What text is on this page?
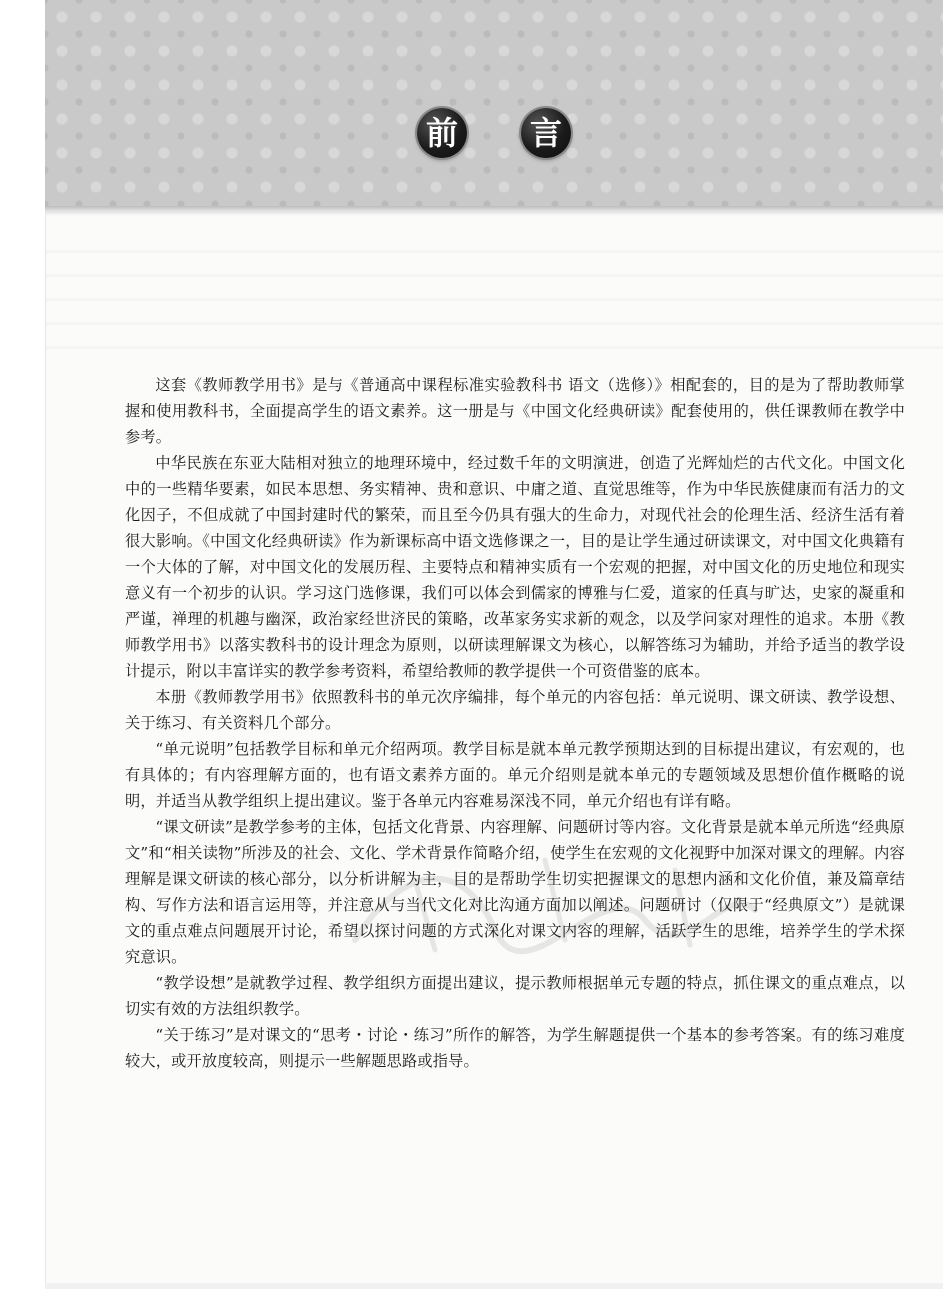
前 言

这套《教师教学用书》是与《普通高中课程标准实验教科书 语文（选修）》相配套的，目的是为了帮助教师掌握和使用教科书，全面提高学生的语文素养。这一册是与《中国文化经典研读》配套使用的，供任课教师在教学中参考。

中华民族在东亚大陆相对独立的地理环境中，经过数千年的文明演进，创造了光辉灿烂的古代文化。中国文化中的一些精华要素，如民本思想、务实精神、贵和意识、中庸之道、直觉思维等，作为中华民族健康而有活力的文化因子，不但成就了中国封建时代的繁荣，而且至今仍具有强大的生命力，对现代社会的伦理生活、经济生活有着很大影响。《中国文化经典研读》作为新课标高中语文选修课之一，目的是让学生通过研读课文，对中国文化典籍有一个大体的了解，对中国文化的发展历程、主要特点和精神实质有一个宏观的把握，对中国文化的历史地位和现实意义有一个初步的认识。学习这门选修课，我们可以体会到儒家的博雅与仁爱，道家的任真与旷达，史家的凝重和严谨，禅理的机趣与幽深，政治家经世济民的策略，改革家务实求新的观念，以及学问家对理性的追求。本册《教师教学用书》以落实教科书的设计理念为原则，以研读理解课文为核心，以解答练习为辅助，并给予适当的教学设计提示，附以丰富详实的教学参考资料，希望给教师的教学提供一个可资借鉴的底本。

本册《教师教学用书》依照教科书的单元次序编排，每个单元的内容包括：单元说明、课文研读、教学设想、关于练习、有关资料几个部分。

“单元说明”包括教学目标和单元介绍两项。教学目标是就本单元教学预期达到的目标提出建议，有宏观的，也有具体的；有内容理解方面的，也有语文素养方面的。单元介绍则是就本单元的专题领域及思想价值作概略的说明，并适当从教学组织上提出建议。鉴于各单元内容难易深浅不同，单元介绍也有详有略。

“课文研读”是教学参考的主体，包括文化背景、内容理解、问题研讨等内容。文化背景是就本单元所选“经典原文”和“相关读物”所涉及的社会、文化、学术背景作简略介绍，使学生在宏观的文化视野中加深对课文的理解。内容理解是课文研读的核心部分，以分析讲解为主，目的是帮助学生切实把握课文的思想内涵和文化价值，兼及篇章结构、写作方法和语言运用等，并注意从与当代文化对比沟通方面加以阐述。问题研讨（仅限于“经典原文”）是就课文的重点难点问题展开讨论，希望以探讨问题的方式深化对课文内容的理解，活跃学生的思维，培养学生的学术探究意识。

“教学设想”是就教学过程、教学组织方面提出建议，提示教师根据单元专题的特点，抓住课文的重点难点，以切实有效的方法组织教学。

“关于练习”是对课文的“思考・讨论・练习”所作的解答，为学生解题提供一个基本的参考答案。有的练习难度较大，或开放度较高，则提示一些解题思路或指导。
